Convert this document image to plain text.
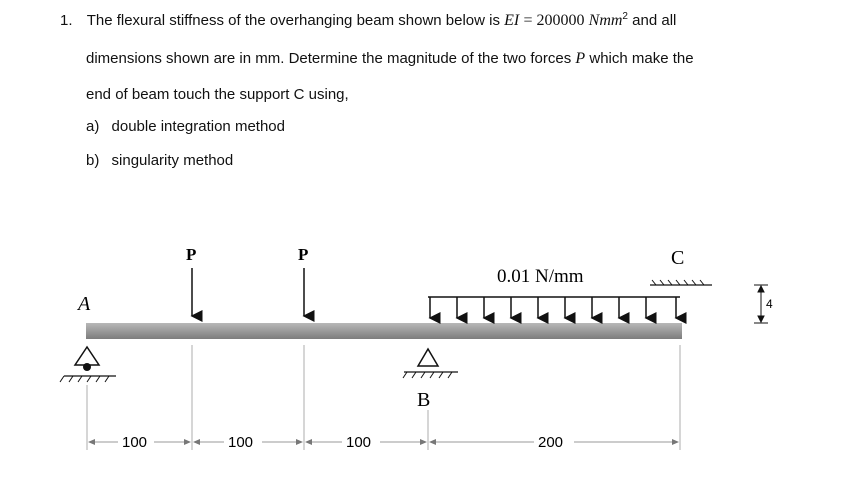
1. The flexural stiffness of the overhanging beam shown below is EI = 200000 Nmm$^2$ and all
dimensions shown are in mm. Determine the magnitude of the two forces P which make the
end of beam touch the support C using,
a) double integration method
b) singularity method
A
B
C
P	P
0.01 N/mm
4
100	100	100	200
